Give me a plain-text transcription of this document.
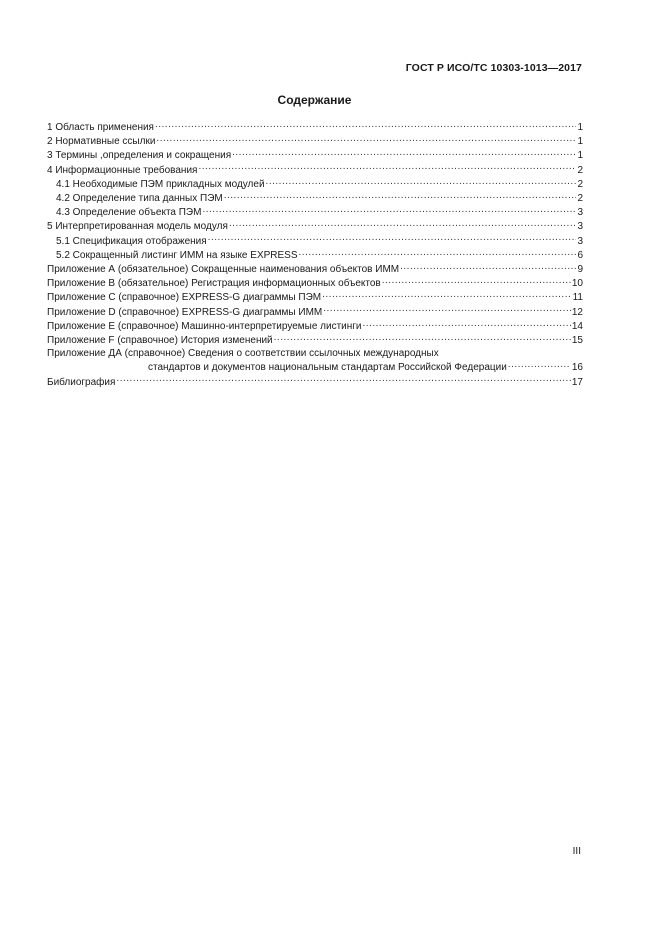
ГОСТ Р ИСО/ТС 10303-1013—2017
Содержание
1 Область применения .....	1
2 Нормативные ссылки .....	1
3 Термины ,определения и сокращения .....	1
4 Информационные требования .....	2
4.1 Необходимые ПЭМ прикладных модулей .....	2
4.2 Определение типа данных ПЭМ .....	2
4.3 Определение объекта ПЭМ .....	3
5 Интерпретированная модель модуля .....	3
5.1 Спецификация отображения .....	3
5.2 Сокращенный листинг ИММ на языке EXPRESS .....	6
Приложение А (обязательное) Сокращенные наименования объектов ИММ .....	9
Приложение В (обязательное) Регистрация информационных объектов .....	10
Приложение С (справочное) EXPRESS-G диаграммы ПЭМ .....	11
Приложение D (справочное) EXPRESS-G диаграммы ИММ .....	12
Приложение Е (справочное) Машинно-интерпретируемые листинги .....	14
Приложение F (справочное) История изменений .....	15
Приложение ДА (справочное) Сведения о соответствии ссылочных международных
стандартов и документов национальным стандартам Российской Федерации .....	16
Библиография .....	17
III
